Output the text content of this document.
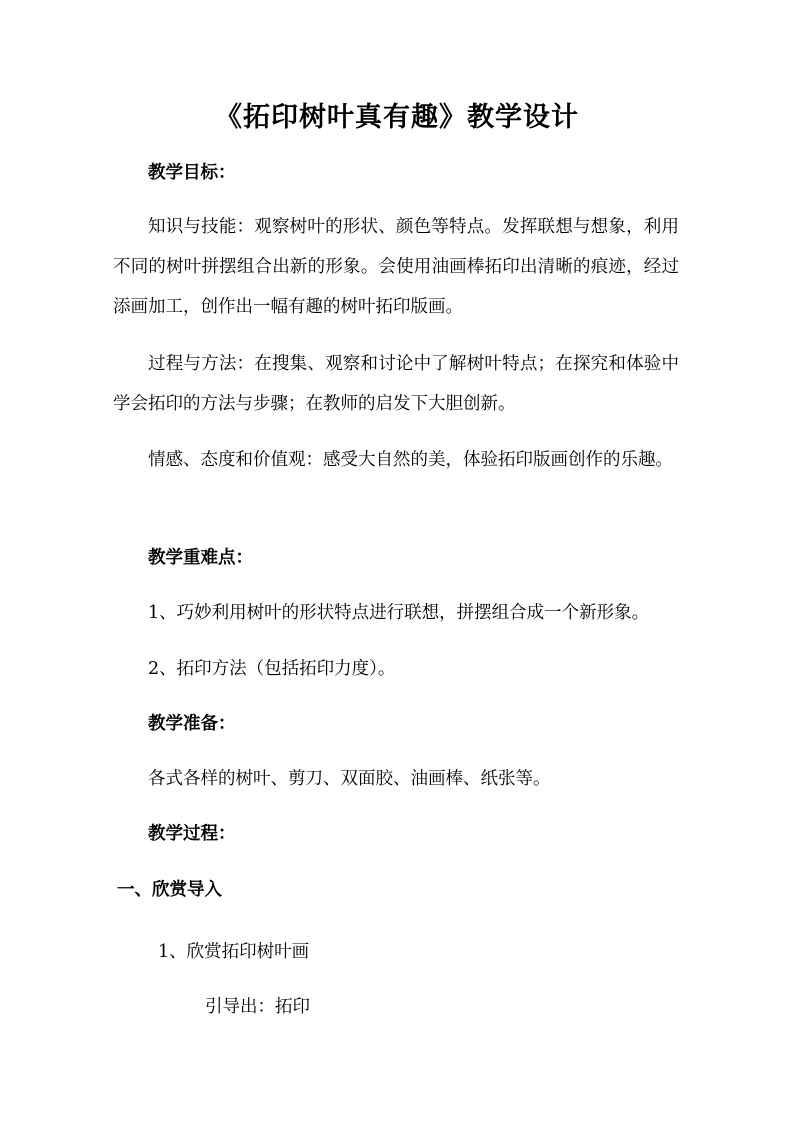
《拓印树叶真有趣》教学设计
教学目标：
知识与技能：观察树叶的形状、颜色等特点。发挥联想与想象，利用不同的树叶拼摆组合出新的形象。会使用油画棒拓印出清晰的痕迹，经过添画加工，创作出一幅有趣的树叶拓印版画。
过程与方法：在搜集、观察和讨论中了解树叶特点；在探究和体验中学会拓印的方法与步骤；在教师的启发下大胆创新。
情感、态度和价值观：感受大自然的美，体验拓印版画创作的乐趣。
教学重难点：
1、巧妙利用树叶的形状特点进行联想，拼摆组合成一个新形象。
2、拓印方法（包括拓印力度）。
教学准备：
各式各样的树叶、剪刀、双面胶、油画棒、纸张等。
教学过程：
一、欣赏导入
1、欣赏拓印树叶画
引导出：拓印
